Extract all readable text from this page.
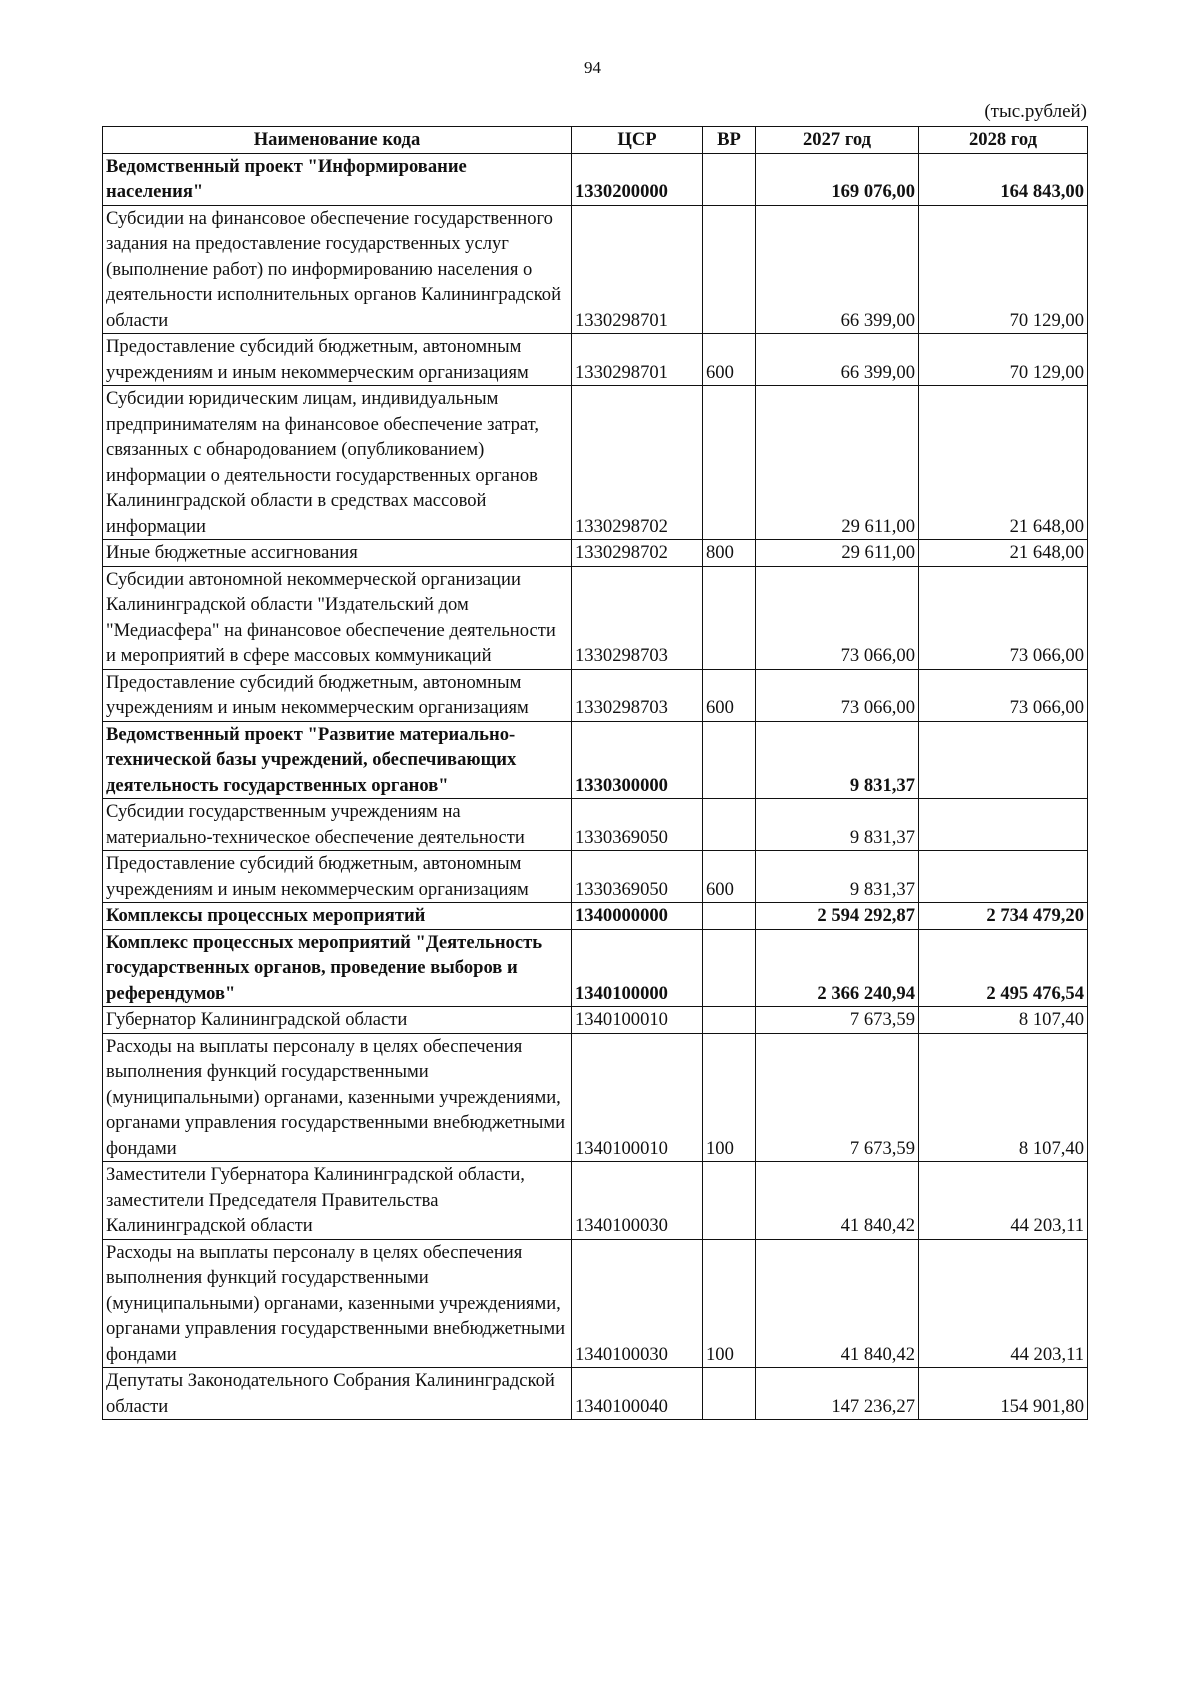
94
(тыс.рублей)
Наименование кода	ЦСР	ВР	2027 год	2028 год
Ведомственный проект "Информирование населения"	1330200000		169 076,00	164 843,00
Субсидии на финансовое обеспечение государственного задания на предоставление государственных услуг (выполнение работ) по информированию населения о деятельности исполнительных органов Калининградской области	1330298701		66 399,00	70 129,00
Предоставление субсидий бюджетным, автономным учреждениям и иным некоммерческим организациям	1330298701	600	66 399,00	70 129,00
Субсидии юридическим лицам, индивидуальным предпринимателям на финансовое обеспечение затрат, связанных с обнародованием (опубликованием) информации о деятельности государственных органов Калининградской области в средствах массовой информации	1330298702		29 611,00	21 648,00
Иные бюджетные ассигнования	1330298702	800	29 611,00	21 648,00
Субсидии автономной некоммерческой организации Калининградской области "Издательский дом "Медиасфера" на финансовое обеспечение деятельности и мероприятий в сфере массовых коммуникаций	1330298703		73 066,00	73 066,00
Предоставление субсидий бюджетным, автономным учреждениям и иным некоммерческим организациям	1330298703	600	73 066,00	73 066,00
Ведомственный проект "Развитие материально-технической базы учреждений, обеспечивающих деятельность государственных органов"	1330300000		9 831,37	
Субсидии государственным учреждениям на материально-техническое обеспечение деятельности	1330369050		9 831,37	
Предоставление субсидий бюджетным, автономным учреждениям и иным некоммерческим организациям	1330369050	600	9 831,37	
Комплексы процессных мероприятий	1340000000		2 594 292,87	2 734 479,20
Комплекс процессных мероприятий "Деятельность государственных органов, проведение выборов и референдумов"	1340100000		2 366 240,94	2 495 476,54
Губернатор Калининградской области	1340100010		7 673,59	8 107,40
Расходы на выплаты персоналу в целях обеспечения выполнения функций государственными (муниципальными) органами, казенными учреждениями, органами управления государственными внебюджетными фондами	1340100010	100	7 673,59	8 107,40
Заместители Губернатора Калининградской области, заместители Председателя Правительства Калининградской области	1340100030		41 840,42	44 203,11
Расходы на выплаты персоналу в целях обеспечения выполнения функций государственными (муниципальными) органами, казенными учреждениями, органами управления государственными внебюджетными фондами	1340100030	100	41 840,42	44 203,11
Депутаты Законодательного Собрания Калининградской области	1340100040		147 236,27	154 901,80
